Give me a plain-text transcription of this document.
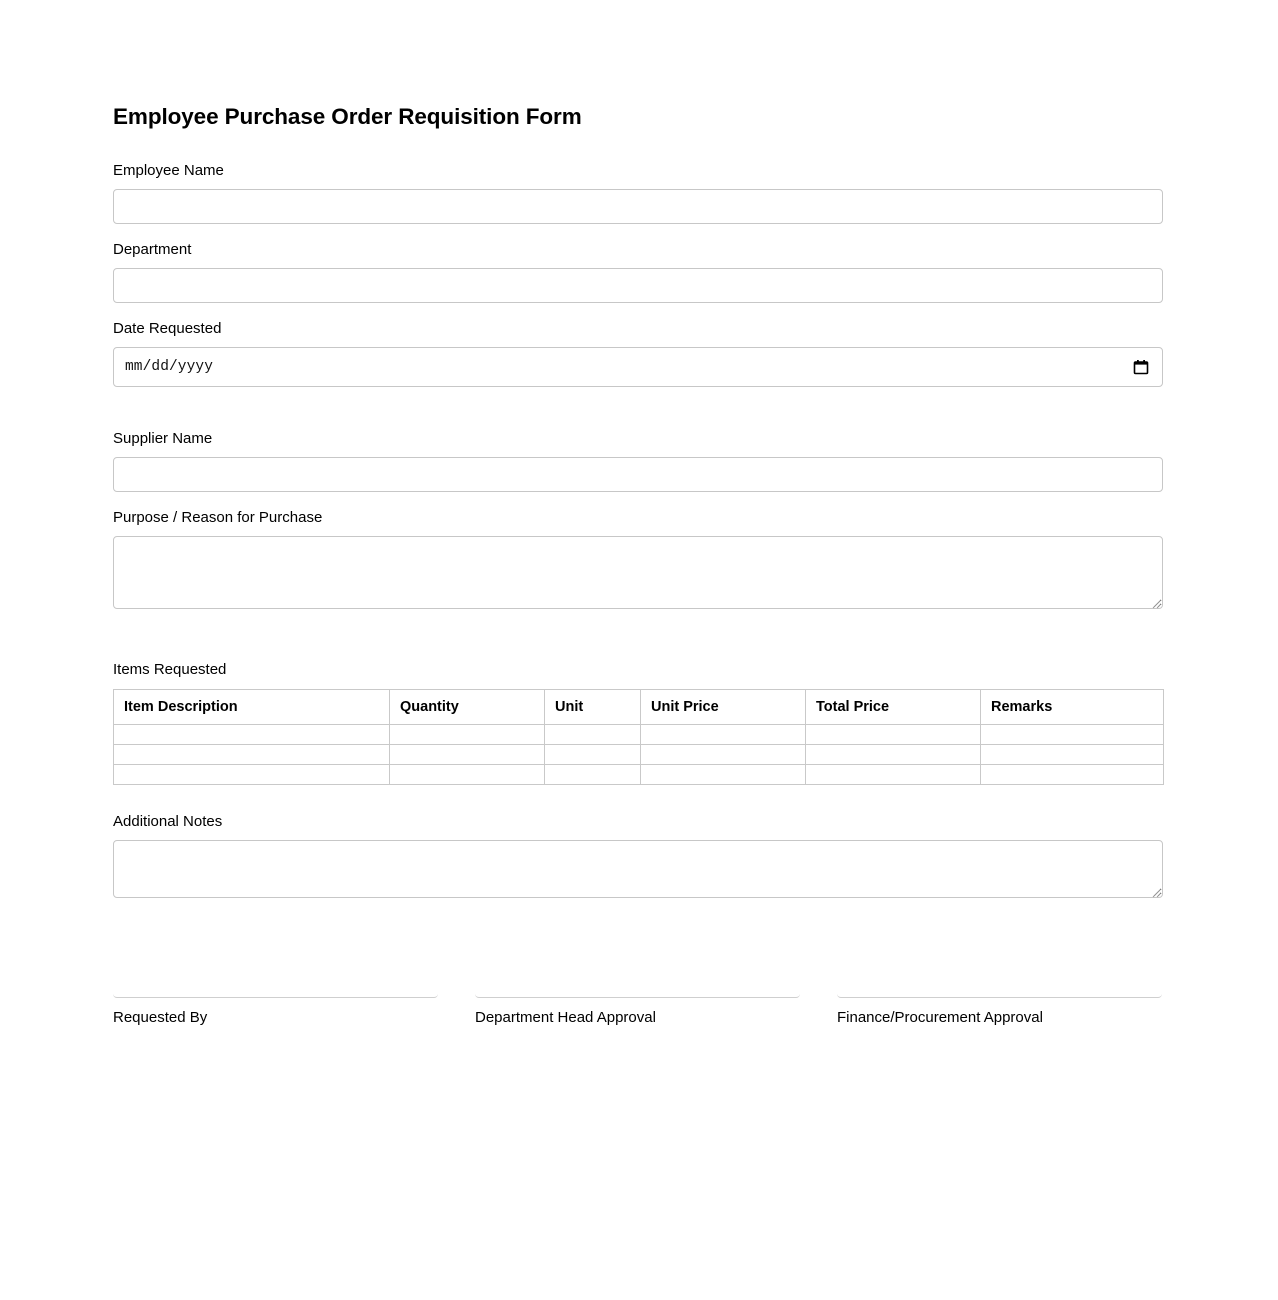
Employee Purchase Order Requisition Form
Employee Name
Department
Date Requested
mm/dd/yyyy
Supplier Name
Purpose / Reason for Purchase
Items Requested
Item Description	Quantity	Unit	Unit Price	Total Price	Remarks

Additional Notes
Requested By	Department Head Approval	Finance/Procurement Approval
